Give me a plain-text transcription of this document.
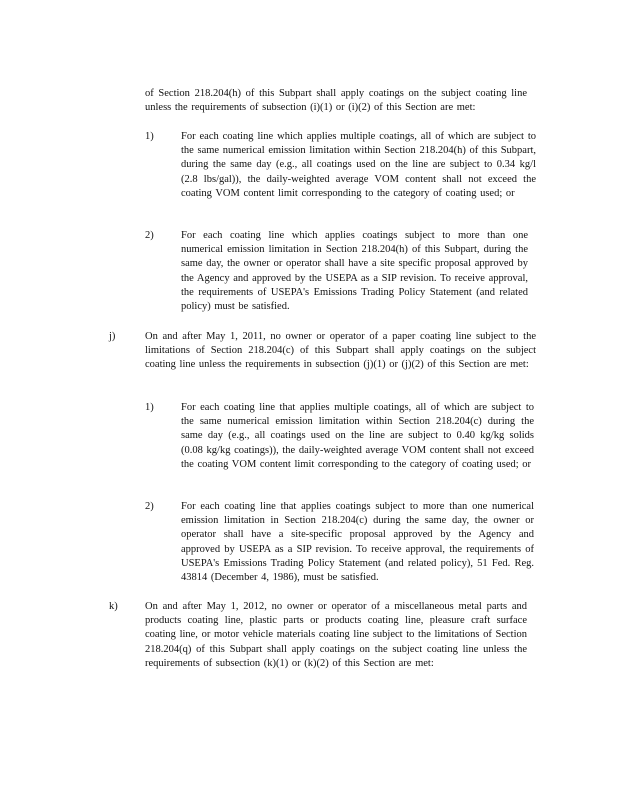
of Section 218.204(h) of this Subpart shall apply coatings on the subject coating line unless the requirements of subsection (i)(1) or (i)(2) of this Section are met:

1)	For each coating line which applies multiple coatings, all of which are subject to the same numerical emission limitation within Section 218.204(h) of this Subpart, during the same day (e.g., all coatings used on the line are subject to 0.34 kg/l (2.8 lbs/gal)), the daily-weighted average VOM content shall not exceed the coating VOM content limit corresponding to the category of coating used; or

2)	For each coating line which applies coatings subject to more than one numerical emission limitation in Section 218.204(h) of this Subpart, during the same day, the owner or operator shall have a site specific proposal approved by the Agency and approved by the USEPA as a SIP revision. To receive approval, the requirements of USEPA's Emissions Trading Policy Statement (and related policy) must be satisfied.

j)	On and after May 1, 2011, no owner or operator of a paper coating line subject to the limitations of Section 218.204(c) of this Subpart shall apply coatings on the subject coating line unless the requirements in subsection (j)(1) or (j)(2) of this Section are met:

1)	For each coating line that applies multiple coatings, all of which are subject to the same numerical emission limitation within Section 218.204(c) during the same day (e.g., all coatings used on the line are subject to 0.40 kg/kg solids (0.08 kg/kg coatings)), the daily-weighted average VOM content shall not exceed the coating VOM content limit corresponding to the category of coating used; or

2)	For each coating line that applies coatings subject to more than one numerical emission limitation in Section 218.204(c) during the same day, the owner or operator shall have a site-specific proposal approved by the Agency and approved by USEPA as a SIP revision. To receive approval, the requirements of USEPA's Emissions Trading Policy Statement (and related policy), 51 Fed. Reg. 43814 (December 4, 1986), must be satisfied.

k)	On and after May 1, 2012, no owner or operator of a miscellaneous metal parts and products coating line, plastic parts or products coating line, pleasure craft surface coating line, or motor vehicle materials coating line subject to the limitations of Section 218.204(q) of this Subpart shall apply coatings on the subject coating line unless the requirements of subsection (k)(1) or (k)(2) of this Section are met:
